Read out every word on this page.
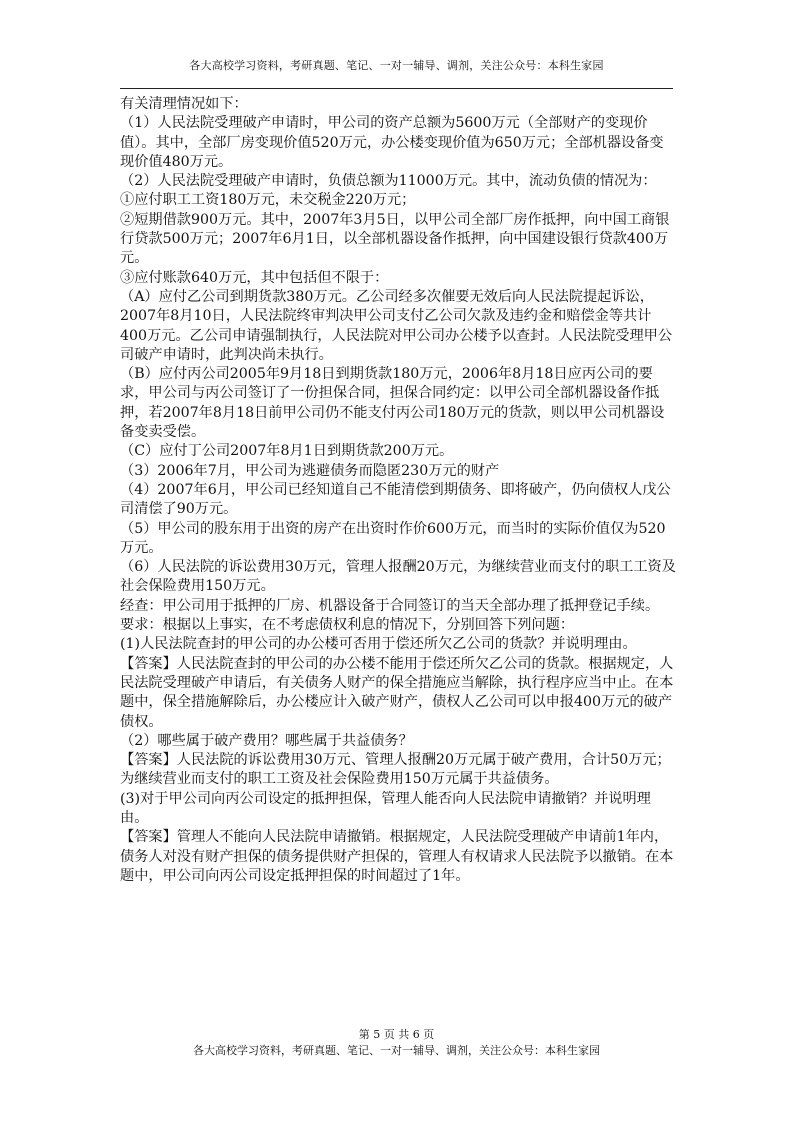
各大高校学习资料，考研真题、笔记、一对一辅导、调剂，关注公众号：本科生家园

有关清理情况如下：

（1）人民法院受理破产申请时，甲公司的资产总额为5600万元（全部财产的变现价值）。其中，全部厂房变现价值520万元，办公楼变现价值为650万元；全部机器设备变现价值480万元。

（2）人民法院受理破产申请时，负债总额为11000万元。其中，流动负债的情况为：

①应付职工工资180万元，未交税金220万元；

②短期借款900万元。其中，2007年3月5日，以甲公司全部厂房作抵押，向中国工商银行贷款500万元；2007年6月1日，以全部机器设备作抵押，向中国建设银行贷款400万元。

③应付账款640万元，其中包括但不限于：

（A）应付乙公司到期货款380万元。乙公司经多次催要无效后向人民法院提起诉讼，2007年8月10日，人民法院终审判决甲公司支付乙公司欠款及违约金和赔偿金等共计400万元。乙公司申请强制执行，人民法院对甲公司办公楼予以查封。人民法院受理甲公司破产申请时，此判决尚未执行。

（B）应付丙公司2005年9月18日到期货款180万元，2006年8月18日应丙公司的要求，甲公司与丙公司签订了一份担保合同，担保合同约定：以甲公司全部机器设备作抵押，若2007年8月18日前甲公司仍不能支付丙公司180万元的货款，则以甲公司机器设备变卖受偿。

（C）应付丁公司2007年8月1日到期货款200万元。

（3）2006年7月，甲公司为逃避债务而隐匿230万元的财产

（4）2007年6月，甲公司已经知道自己不能清偿到期债务、即将破产，仍向债权人戊公司清偿了90万元。

（5）甲公司的股东用于出资的房产在出资时作价600万元，而当时的实际价值仅为520万元。

（6）人民法院的诉讼费用30万元，管理人报酬20万元，为继续营业而支付的职工工资及社会保险费用150万元。

经查：甲公司用于抵押的厂房、机器设备于合同签订的当天全部办理了抵押登记手续。

要求：根据以上事实，在不考虑债权利息的情况下，分别回答下列问题：

(1)人民法院查封的甲公司的办公楼可否用于偿还所欠乙公司的货款？并说明理由。

【答案】人民法院查封的甲公司的办公楼不能用于偿还所欠乙公司的货款。根据规定，人民法院受理破产申请后，有关债务人财产的保全措施应当解除，执行程序应当中止。在本题中，保全措施解除后，办公楼应计入破产财产，债权人乙公司可以申报400万元的破产债权。

（2）哪些属于破产费用？哪些属于共益债务？

【答案】人民法院的诉讼费用30万元、管理人报酬20万元属于破产费用，合计50万元；为继续营业而支付的职工工资及社会保险费用150万元属于共益债务。

(3)对于甲公司向丙公司设定的抵押担保，管理人能否向人民法院申请撤销？并说明理由。

【答案】管理人不能向人民法院申请撤销。根据规定，人民法院受理破产申请前1年内，债务人对没有财产担保的债务提供财产担保的，管理人有权请求人民法院予以撤销。在本题中，甲公司向丙公司设定抵押担保的时间超过了1年。

第 5 页 共 6 页
各大高校学习资料，考研真题、笔记、一对一辅导、调剂，关注公众号：本科生家园
